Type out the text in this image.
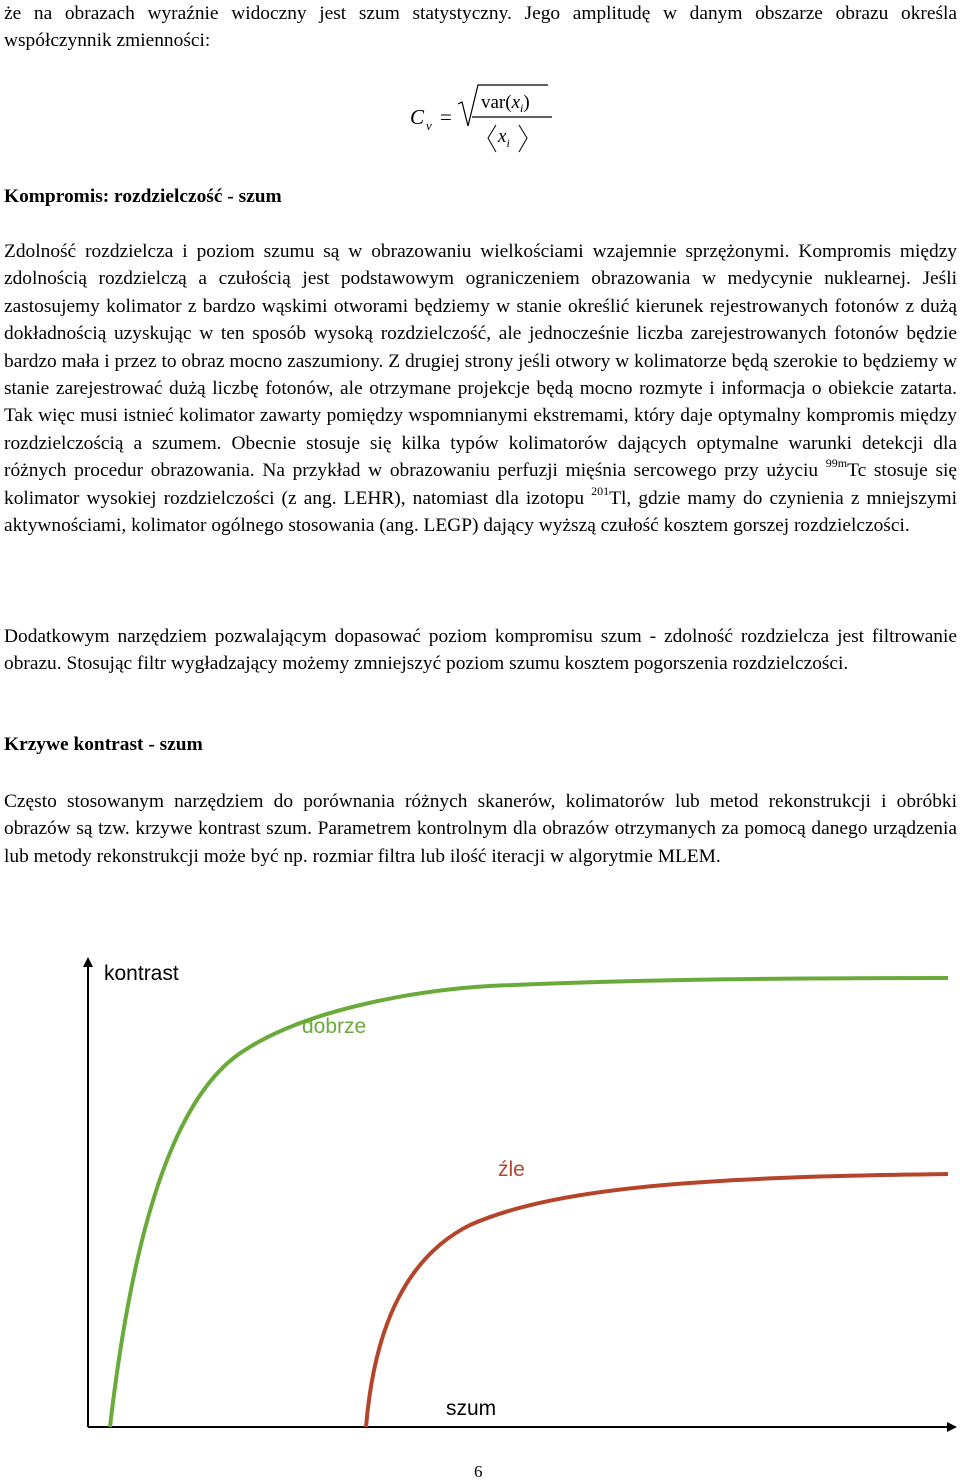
że na obrazach wyraźnie widoczny jest szum statystyczny. Jego amplitudę w danym obszarze obrazu określa współczynnik zmienności:
C v =
$var(x_i)$
$x_i$
Kompromis: rozdzielczość - szum
Zdolność rozdzielcza i poziom szumu są w obrazowaniu wielkościami wzajemnie sprzężonymi. Kompromis między zdolnością rozdzielczą a czułością jest podstawowym ograniczeniem obrazowania w medycynie nuklearnej. Jeśli zastosujemy kolimator z bardzo wąskimi otworami będziemy w stanie określić kierunek rejestrowanych fotonów z dużą dokładnością uzyskując w ten sposób wysoką rozdzielczość, ale jednocześnie liczba zarejestrowanych fotonów będzie bardzo mała i przez to obraz mocno zaszumiony. Z drugiej strony jeśli otwory w kolimatorze będą szerokie to będziemy w stanie zarejestrować dużą liczbę fotonów, ale otrzymane projekcje będą mocno rozmyte i informacja o obiekcie zatarta. Tak więc musi istnieć kolimator zawarty pomiędzy wspomnianymi ekstremami, który daje optymalny kompromis między rozdzielczością a szumem. Obecnie stosuje się kilka typów kolimatorów dających optymalne warunki detekcji dla różnych procedur obrazowania. Na przykład w obrazowaniu perfuzji mięśnia sercowego przy użyciu $^{99m}$Tc stosuje się kolimator wysokiej rozdzielczości (z ang. LEHR), natomiast dla izotopu $^{201}$Tl, gdzie mamy do czynienia z mniejszymi aktywnościami, kolimator ogólnego stosowania (ang. LEGP) dający wyższą czułość kosztem gorszej rozdzielczości.
Dodatkowym narzędziem pozwalającym dopasować poziom kompromisu szum - zdolność rozdzielcza jest filtrowanie obrazu. Stosując filtr wygładzający możemy zmniejszyć poziom szumu kosztem pogorszenia rozdzielczości.
Krzywe kontrast - szum
Często stosowanym narzędziem do porównania różnych skanerów, kolimatorów lub metod rekonstrukcji i obróbki obrazów są tzw. krzywe kontrast szum. Parametrem kontrolnym dla obrazów otrzymanych za pomocą danego urządzenia lub metody rekonstrukcji może być np. rozmiar filtra lub ilość iteracji w algorytmie MLEM.
kontrast
szum
dobrze
źle
6
